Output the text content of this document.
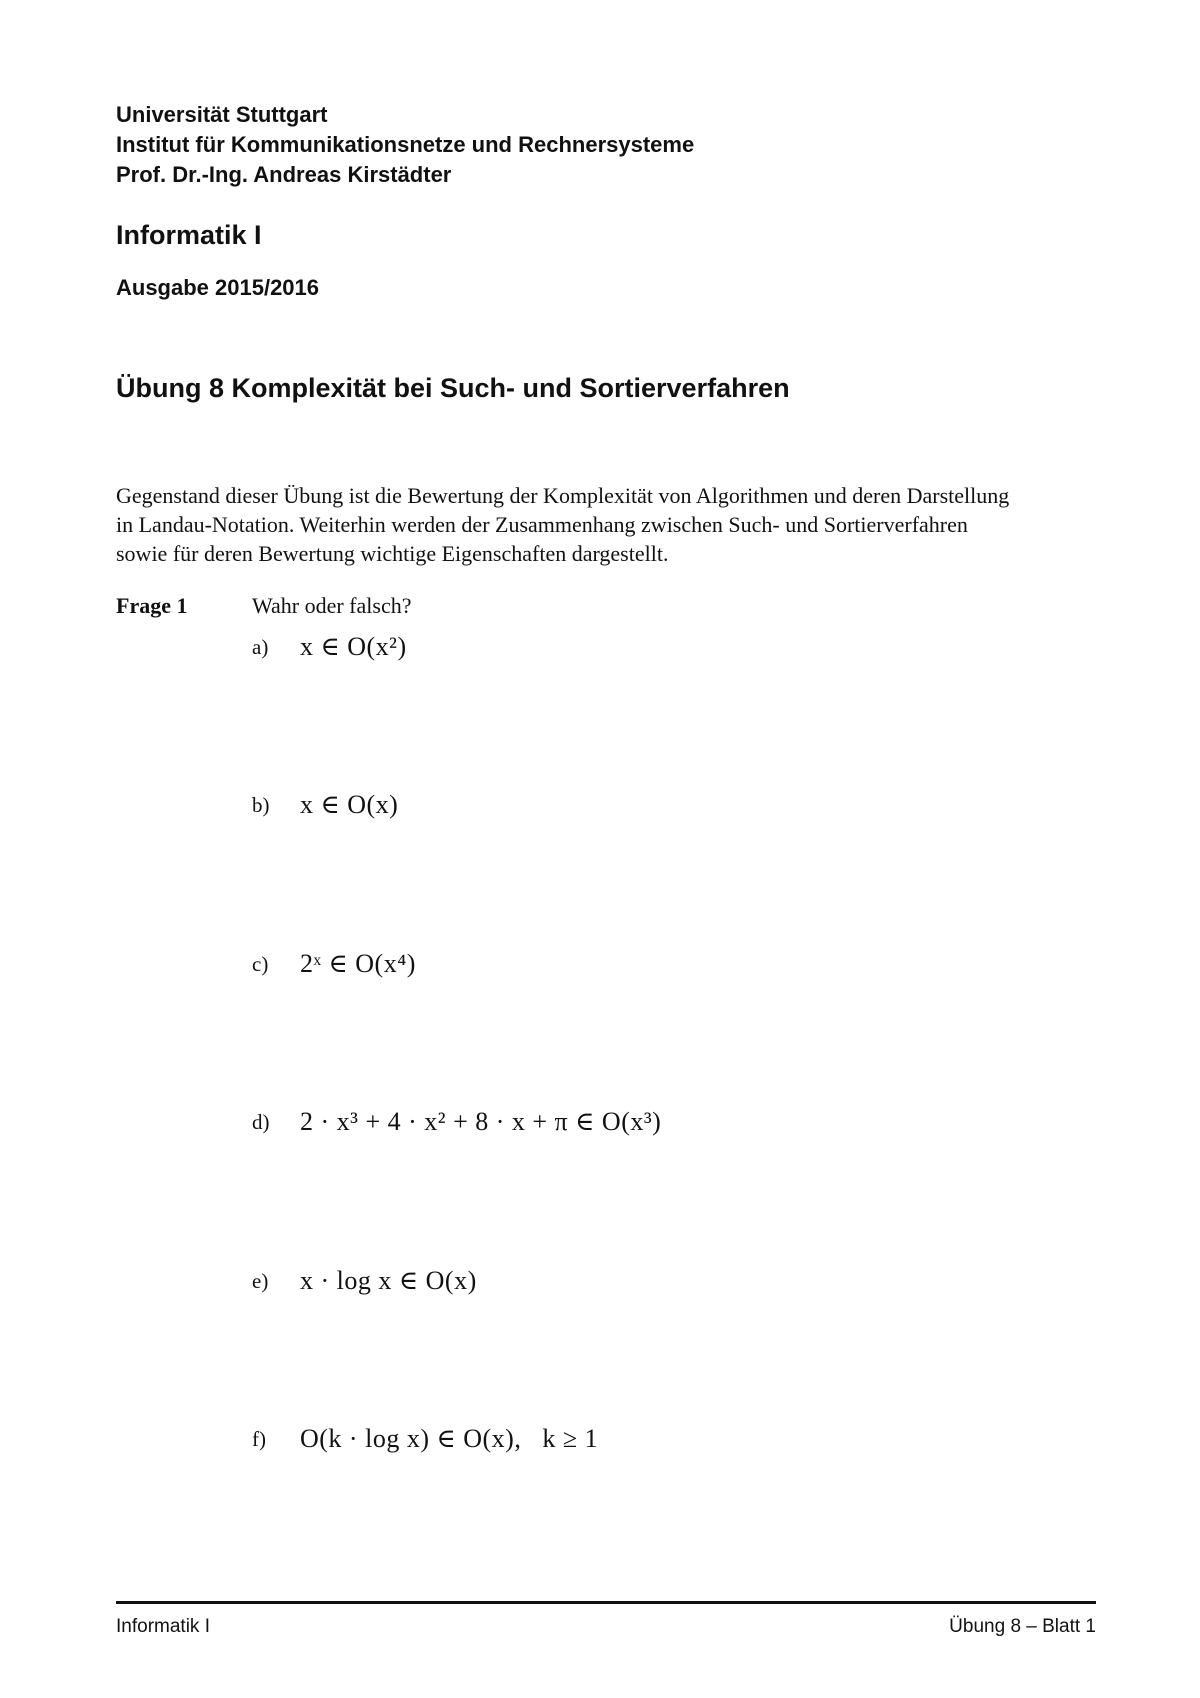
Universität Stuttgart
Institut für Kommunikationsnetze und Rechnersysteme
Prof. Dr.-Ing. Andreas Kirstädter
Informatik I
Ausgabe 2015/2016
Übung 8 Komplexität bei Such- und Sortierverfahren
Gegenstand dieser Übung ist die Bewertung der Komplexität von Algorithmen und deren Darstellung
in Landau-Notation. Weiterhin werden der Zusammenhang zwischen Such- und Sortierverfahren
sowie für deren Bewertung wichtige Eigenschaften dargestellt.
Frage 1	Wahr oder falsch?
a) x ∈ O(x²)
b) x ∈ O(x)
c) 2ˣ ∈ O(x⁴)
d) 2 · x³ + 4 · x² + 8 · x + π ∈ O(x³)
e) x · log x ∈ O(x)
f) O(k · log x) ∈ O(x),   k ≥ 1
Informatik I	Übung 8 – Blatt 1
